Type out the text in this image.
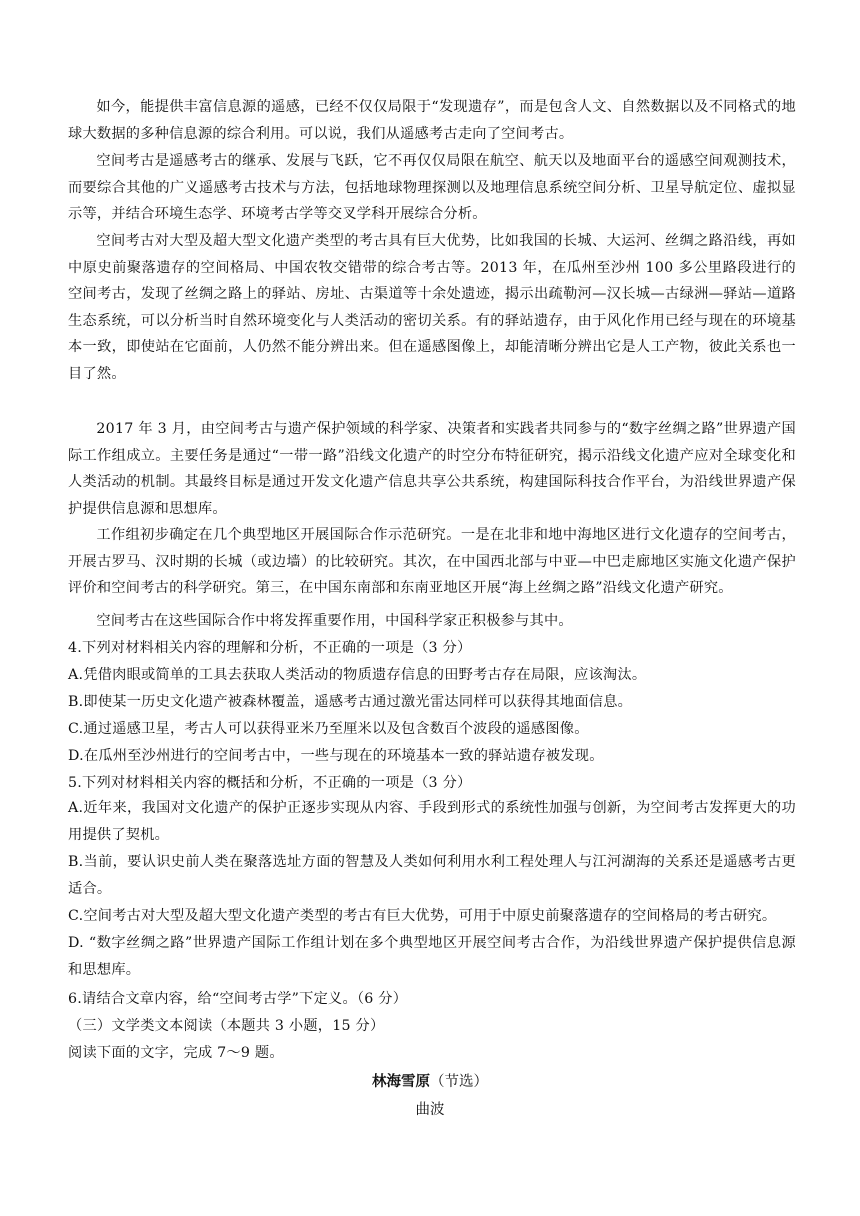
如今，能提供丰富信息源的遥感，已经不仅仅局限于“发现遗存”，而是包含人文、自然数据以及不同格式的地球大数据的多种信息源的综合利用。可以说，我们从遥感考古走向了空间考古。

空间考古是遥感考古的继承、发展与飞跃，它不再仅仅局限在航空、航天以及地面平台的遥感空间观测技术，而要综合其他的广义遥感考古技术与方法，包括地球物理探测以及地理信息系统空间分析、卫星导航定位、虚拟显示等，并结合环境生态学、环境考古学等交叉学科开展综合分析。

空间考古对大型及超大型文化遗产类型的考古具有巨大优势，比如我国的长城、大运河、丝绸之路沿线，再如中原史前聚落遗存的空间格局、中国农牧交错带的综合考古等。2013 年，在瓜州至沙州 100 多公里路段进行的空间考古，发现了丝绸之路上的驿站、房址、古渠道等十余处遗迹，揭示出疏勒河—汉长城—古绿洲—驿站—道路生态系统，可以分析当时自然环境变化与人类活动的密切关系。有的驿站遗存，由于风化作用已经与现在的环境基本一致，即使站在它面前，人仍然不能分辨出来。但在遥感图像上，却能清晰分辨出它是人工产物，彼此关系也一目了然。

2017 年 3 月，由空间考古与遗产保护领域的科学家、决策者和实践者共同参与的“数字丝绸之路”世界遗产国际工作组成立。主要任务是通过“一带一路”沿线文化遗产的时空分布特征研究，揭示沿线文化遗产应对全球变化和人类活动的机制。其最终目标是通过开发文化遗产信息共享公共系统，构建国际科技合作平台，为沿线世界遗产保护提供信息源和思想库。

工作组初步确定在几个典型地区开展国际合作示范研究。一是在北非和地中海地区进行文化遗存的空间考古，开展古罗马、汉时期的长城（或边墙）的比较研究。其次，在中国西北部与中亚—中巴走廊地区实施文化遗产保护评价和空间考古的科学研究。第三，在中国东南部和东南亚地区开展“海上丝绸之路”沿线文化遗产研究。

空间考古在这些国际合作中将发挥重要作用，中国科学家正积极参与其中。

4.下列对材料相关内容的理解和分析，不正确的一项是（3 分）

A.凭借肉眼或简单的工具去获取人类活动的物质遗存信息的田野考古存在局限，应该淘汰。

B.即使某一历史文化遗产被森林覆盖，遥感考古通过激光雷达同样可以获得其地面信息。

C.通过遥感卫星，考古人可以获得亚米乃至厘米以及包含数百个波段的遥感图像。

D.在瓜州至沙州进行的空间考古中，一些与现在的环境基本一致的驿站遗存被发现。

5.下列对材料相关内容的概括和分析，不正确的一项是（3 分）

A.近年来，我国对文化遗产的保护正逐步实现从内容、手段到形式的系统性加强与创新，为空间考古发挥更大的功用提供了契机。

B.当前，要认识史前人类在聚落选址方面的智慧及人类如何利用水利工程处理人与江河湖海的关系还是遥感考古更适合。

C.空间考古对大型及超大型文化遗产类型的考古有巨大优势，可用于中原史前聚落遗存的空间格局的考古研究。

D. “数字丝绸之路”世界遗产国际工作组计划在多个典型地区开展空间考古合作，为沿线世界遗产保护提供信息源和思想库。

6.请结合文章内容，给“空间考古学”下定义。（6 分）

（三）文学类文本阅读（本题共 3 小题，15 分）

阅读下面的文字，完成 7～9 题。

林海雪原（节选）

曲波
